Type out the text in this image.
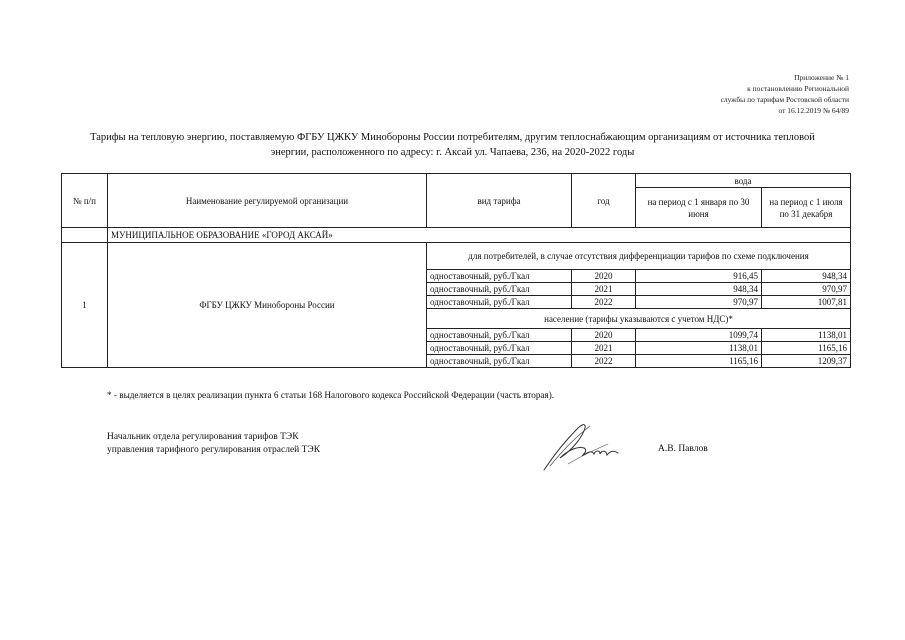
Приложение № 1
к постановлению Региональной
службы по тарифам Ростовской области
от 16.12.2019 № 64/89
Тарифы на тепловую энергию, поставляемую ФГБУ ЦЖКУ Минобороны России потребителям, другим теплоснабжающим организациям от источника тепловой энергии, расположенного по адресу: г. Аксай ул. Чапаева, 236, на 2020-2022 годы
№ п/п	Наименование регулируемой организации	вид тарифа	год	вода	
				на период с 1 января по 30 июня	на период с 1 июля по 31 декабря
	МУНИЦИПАЛЬНОЕ ОБРАЗОВАНИЕ «ГОРОД АКСАЙ»				
1	ФГБУ ЦЖКУ Минобороны России	для потребителей, в случае отсутствия дифференциации тарифов по схеме подключения			
		одноставочный, руб./Гкал	2020	916,45	948,34
		одноставочный, руб./Гкал	2021	948,34	970,97
		одноставочный, руб./Гкал	2022	970,97	1007,81
		население (тарифы указываются с учетом НДС)*			
		одноставочный, руб./Гкал	2020	1099,74	1138,01
		одноставочный, руб./Гкал	2021	1138,01	1165,16
		одноставочный, руб./Гкал	2022	1165,16	1209,37
* - выделяется в целях реализации пункта 6 статьи 168 Налогового кодекса Российской Федерации (часть вторая).
Начальник отдела регулирования тарифов ТЭК
управления тарифного регулирования отраслей ТЭК	А.В. Павлов
